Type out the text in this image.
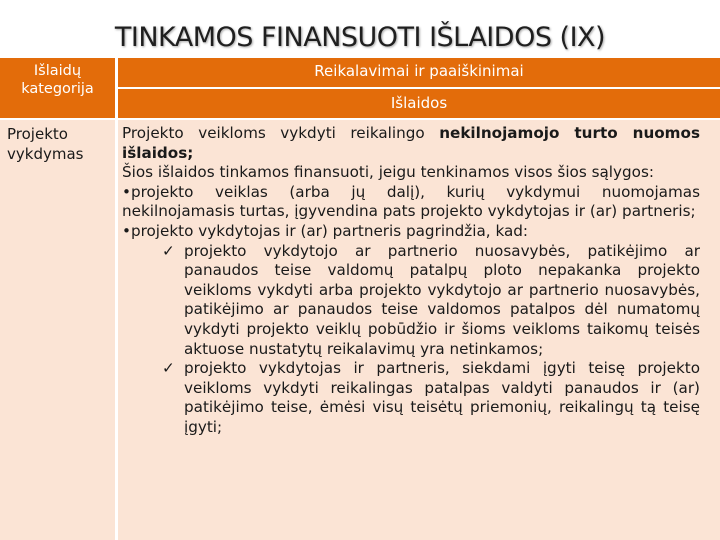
TINKAMOS FINANSUOTI IŠLAIDOS (IX)
Išlaidų kategorija
Reikalavimai ir paaiškinimai
Išlaidos
Projekto vykdymas

Projekto veikloms vykdyti reikalingo nekilnojamojo turto nuomos išlaidos;

Šios išlaidos tinkamos finansuoti, jeigu tenkinamos visos šios sąlygos:

•projekto veiklas (arba jų dalį), kurių vykdymui nuomojamas nekilnojamasis turtas, įgyvendina pats projekto vykdytojas ir (ar) partneris;

•projekto vykdytojas ir (ar) partneris pagrindžia, kad:

✓ projekto vykdytojo ar partnerio nuosavybės, patikėjimo ar panaudos teise valdomų patalpų ploto nepakanka projekto veikloms vykdyti arba projekto vykdytojo ar partnerio nuosavybės, patikėjimo ar panaudos teise valdomos patalpos dėl numatomų vykdyti projekto veiklų pobūdžio ir šioms veikloms taikomų teisės aktuose nustatytų reikalavimų yra netinkamos;
✓ projekto vykdytojas ir partneris, siekdami įgyti teisę projekto veikloms vykdyti reikalingas patalpas valdyti panaudos ir (ar) patikėjimo teise, ėmėsi visų teisėtų priemonių, reikalingų tą teisę įgyti;
